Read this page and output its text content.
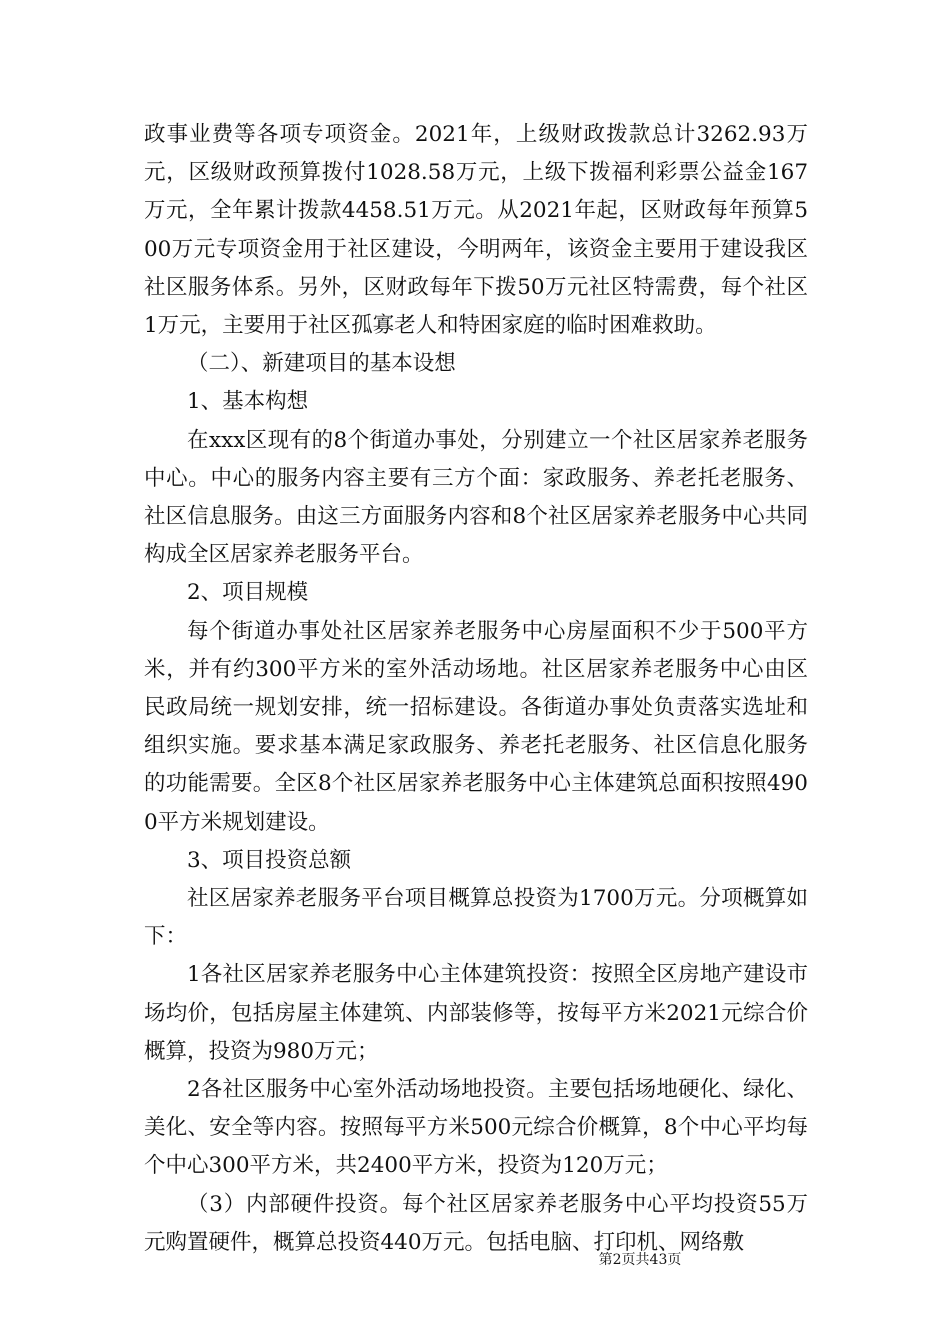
政事业费等各项专项资金。2021年，上级财政拨款总计3262.93万元，区级财政预算拨付1028.58万元，上级下拨福利彩票公益金167万元，全年累计拨款4458.51万元。从2021年起，区财政每年预算500万元专项资金用于社区建设，今明两年，该资金主要用于建设我区社区服务体系。另外，区财政每年下拨50万元社区特需费，每个社区1万元，主要用于社区孤寡老人和特困家庭的临时困难救助。

（二）、新建项目的基本设想

1、基本构想

在xxx区现有的8个街道办事处，分别建立一个社区居家养老服务中心。中心的服务内容主要有三方个面：家政服务、养老托老服务、社区信息服务。由这三方面服务内容和8个社区居家养老服务中心共同构成全区居家养老服务平台。

2、项目规模

每个街道办事处社区居家养老服务中心房屋面积不少于500平方米，并有约300平方米的室外活动场地。社区居家养老服务中心由区民政局统一规划安排，统一招标建设。各街道办事处负责落实选址和组织实施。要求基本满足家政服务、养老托老服务、社区信息化服务的功能需要。全区8个社区居家养老服务中心主体建筑总面积按照4900平方米规划建设。

3、项目投资总额

社区居家养老服务平台项目概算总投资为1700万元。分项概算如下：

1各社区居家养老服务中心主体建筑投资：按照全区房地产建设市场均价，包括房屋主体建筑、内部装修等，按每平方米2021元综合价概算，投资为980万元；

2各社区服务中心室外活动场地投资。主要包括场地硬化、绿化、美化、安全等内容。按照每平方米500元综合价概算，8个中心平均每个中心300平方米，共2400平方米，投资为120万元；

（3）内部硬件投资。每个社区居家养老服务中心平均投资55万元购置硬件，概算总投资440万元。包括电脑、打印机、网络敷

第2页共43页
